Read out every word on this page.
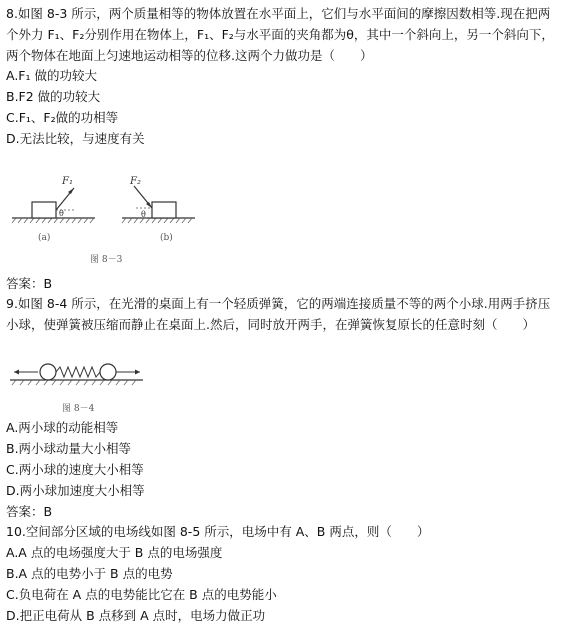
8.如图 8-3 所示，两个质量相等的物体放置在水平面上，它们与水平面间的摩擦因数相等.现在把两个外力 F₁、F₂分别作用在物体上，F₁、F₂与水平面的夹角都为θ，其中一个斜向上，另一个斜向下，两个物体在地面上匀速地运动相等的位移.这两个力做功是（　　）
A.F₁ 做的功较大
B.F2 做的功较大
C.F₁、F₂做的功相等
D.无法比较，与速度有关
F₁
θ
F₂
θ
(a)	(b)
图 8－3
答案：B
9.如图 8-4 所示，在光滑的桌面上有一个轻质弹簧，它的两端连接质量不等的两个小球.用两手挤压小球，使弹簧被压缩而静止在桌面上.然后，同时放开两手，在弹簧恢复原长的任意时刻（　　）
图 8－4
A.两小球的动能相等
B.两小球动量大小相等
C.两小球的速度大小相等
D.两小球加速度大小相等
答案：B
10.空间部分区域的电场线如图 8-5 所示，电场中有 A、B 两点，则（　　）
A.A 点的电场强度大于 B 点的电场强度
B.A 点的电势小于 B 点的电势
C.负电荷在 A 点的电势能比它在 B 点的电势能小
D.把正电荷从 B 点移到 A 点时，电场力做正功
